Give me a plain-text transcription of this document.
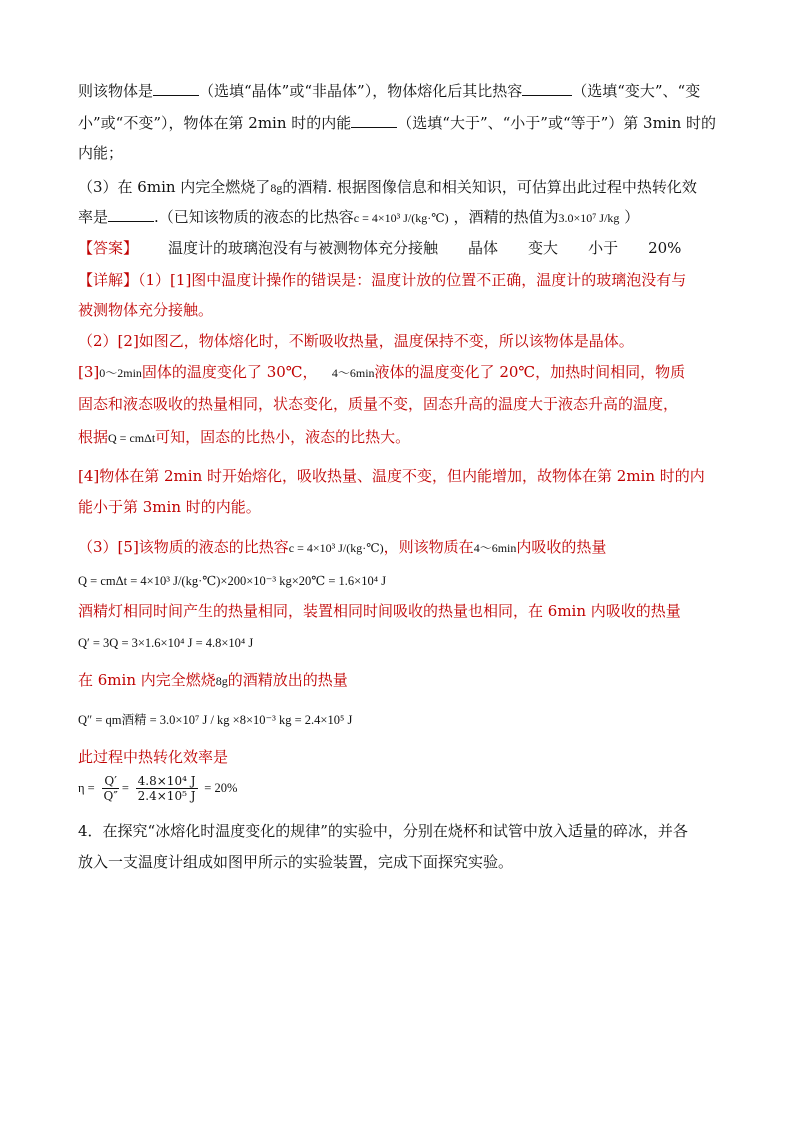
则该物体是	（选填“晶体”或“非晶体”），物体熔化后其比热容	（选填“变大”、“变
小”或“不变”），物体在第 2min 时的内能	（选填“大于”、“小于”或“等于”）第 3min 时的
内能；
（3）在 6min 内完全燃烧了8g的酒精. 根据图像信息和相关知识，可估算出此过程中热转化效
率是	.（已知该物质的液态的比热容c = 4×10³ J/(kg·℃) ，酒精的热值为3.0×10⁷ J/kg ）
【答案】 温度计的玻璃泡没有与被测物体充分接触 晶体 变大 小于 20%
【详解】（1）[1]图中温度计操作的错误是：温度计放的位置不正确，温度计的玻璃泡没有与
被测物体充分接触。
（2）[2]如图乙，物体熔化时，不断吸收热量，温度保持不变，所以该物体是晶体。
[3]0～2min固体的温度变化了 30℃， 4～6min液体的温度变化了 20℃，加热时间相同，物质
固态和液态吸收的热量相同，状态变化，质量不变，固态升高的温度大于液态升高的温度，
根据Q = cmΔt可知，固态的比热小，液态的比热大。
[4]物体在第 2min 时开始熔化，吸收热量、温度不变，但内能增加，故物体在第 2min 时的内
能小于第 3min 时的内能。
（3）[5]该物质的液态的比热容c = 4×10³ J/(kg·℃)，则该物质在4～6min内吸收的热量
Q = cmΔt = 4×10³ J/(kg·℃)×200×10⁻³ kg×20℃ = 1.6×10⁴ J
酒精灯相同时间产生的热量相同，装置相同时间吸收的热量也相同，在 6min 内吸收的热量
Q′ = 3Q = 3×1.6×10⁴ J = 4.8×10⁴ J
在 6min 内完全燃烧8g的酒精放出的热量
Q″ = qm酒精 = 3.0×10⁷ J / kg ×8×10⁻³ kg = 2.4×10⁵ J
此过程中热转化效率是
$\eta = \frac{Q'}{Q''} = \frac{\text{4.8×10⁴ J}}{\text{2.4×10⁵ J}} = 20\%$
4．在探究“冰熔化时温度变化的规律”的实验中，分别在烧杯和试管中放入适量的碎冰，并各
放入一支温度计组成如图甲所示的实验装置，完成下面探究实验。
